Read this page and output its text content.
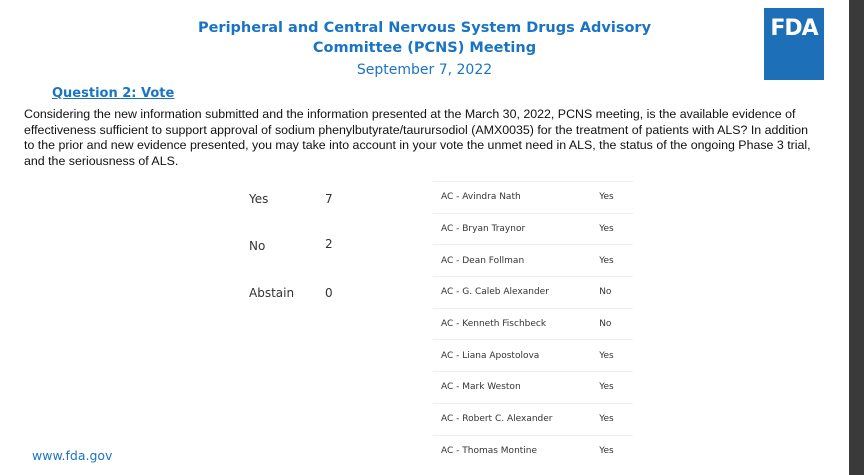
Peripheral and Central Nervous System Drugs Advisory
Committee (PCNS) Meeting
September 7, 2022
FDA
Question 2: Vote
Considering the new information submitted and the information presented at the March 30, 2022, PCNS meeting, is the available evidence of effectiveness sufficient to support approval of sodium phenylbutyrate/taurursodiol (AMX0035) for the treatment of patients with ALS? In addition to the prior and new evidence presented, you may take into account in your vote the unmet need in ALS, the status of the ongoing Phase 3 trial, and the seriousness of ALS.
Yes	7
No	2
Abstain	0
AC - Avindra Nath	Yes
AC - Bryan Traynor	Yes
AC - Dean Follman	Yes
AC - G. Caleb Alexander	No
AC - Kenneth Fischbeck	No
AC - Liana Apostolova	Yes
AC - Mark Weston	Yes
AC - Robert C. Alexander	Yes
AC - Thomas Montine	Yes
www.fda.gov
